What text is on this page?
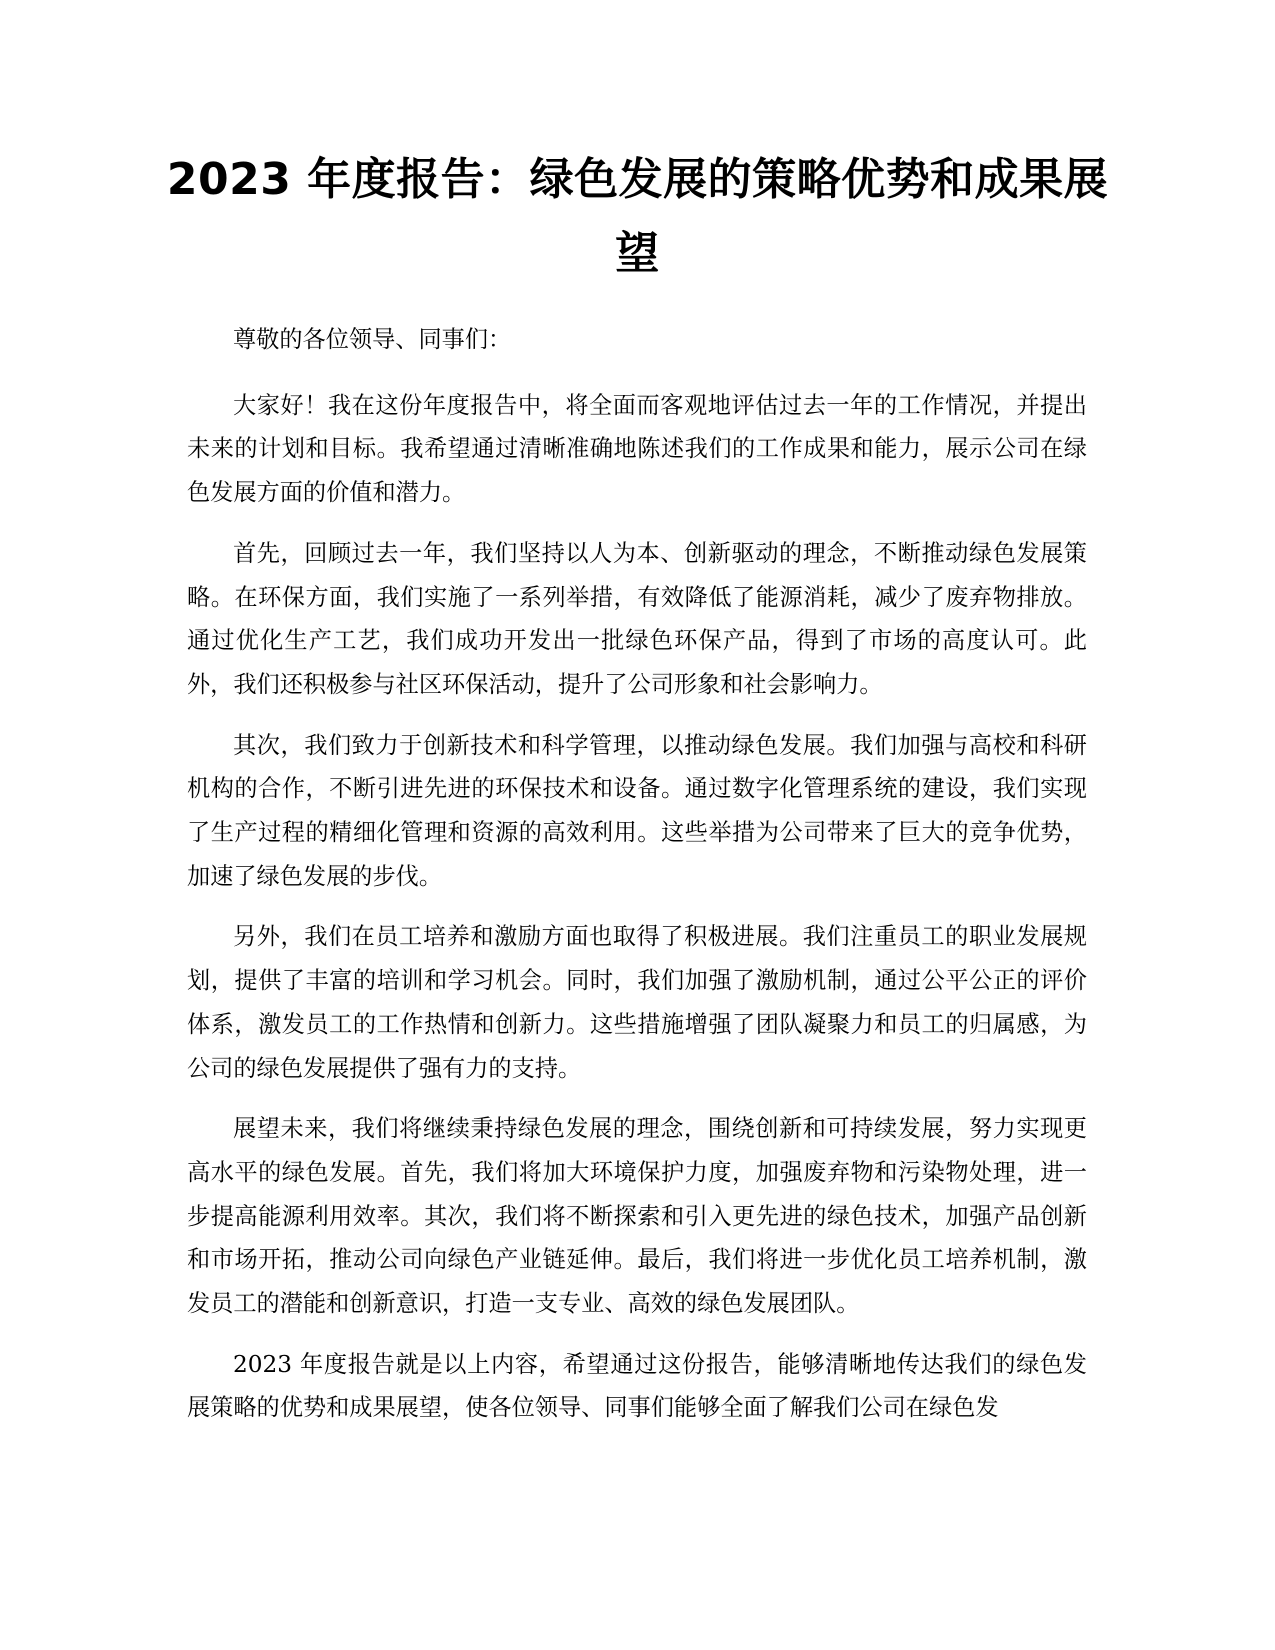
2023 年度报告：绿色发展的策略优势和成果展望

尊敬的各位领导、同事们：

大家好！我在这份年度报告中，将全面而客观地评估过去一年的工作情况，并提出未来的计划和目标。我希望通过清晰准确地陈述我们的工作成果和能力，展示公司在绿色发展方面的价值和潜力。

首先，回顾过去一年，我们坚持以人为本、创新驱动的理念，不断推动绿色发展策略。在环保方面，我们实施了一系列举措，有效降低了能源消耗，减少了废弃物排放。通过优化生产工艺，我们成功开发出一批绿色环保产品，得到了市场的高度认可。此外，我们还积极参与社区环保活动，提升了公司形象和社会影响力。

其次，我们致力于创新技术和科学管理，以推动绿色发展。我们加强与高校和科研机构的合作，不断引进先进的环保技术和设备。通过数字化管理系统的建设，我们实现了生产过程的精细化管理和资源的高效利用。这些举措为公司带来了巨大的竞争优势，加速了绿色发展的步伐。

另外，我们在员工培养和激励方面也取得了积极进展。我们注重员工的职业发展规划，提供了丰富的培训和学习机会。同时，我们加强了激励机制，通过公平公正的评价体系，激发员工的工作热情和创新力。这些措施增强了团队凝聚力和员工的归属感，为公司的绿色发展提供了强有力的支持。

展望未来，我们将继续秉持绿色发展的理念，围绕创新和可持续发展，努力实现更高水平的绿色发展。首先，我们将加大环境保护力度，加强废弃物和污染物处理，进一步提高能源利用效率。其次，我们将不断探索和引入更先进的绿色技术，加强产品创新和市场开拓，推动公司向绿色产业链延伸。最后，我们将进一步优化员工培养机制，激发员工的潜能和创新意识，打造一支专业、高效的绿色发展团队。

2023 年度报告就是以上内容，希望通过这份报告，能够清晰地传达我们的绿色发展策略的优势和成果展望，使各位领导、同事们能够全面了解我们公司在绿色发
